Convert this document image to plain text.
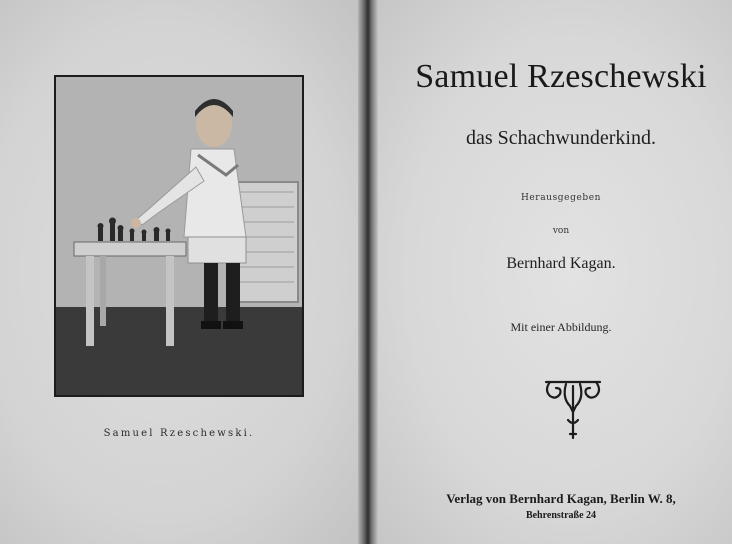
Samuel Rzeschewski.
Samuel Rzeschewski
das Schachwunderkind.
Herausgegeben
von
Bernhard Kagan.
Mit einer Abbildung.
Verlag von Bernhard Kagan, Berlin W. 8,
Behrenstraße 24
